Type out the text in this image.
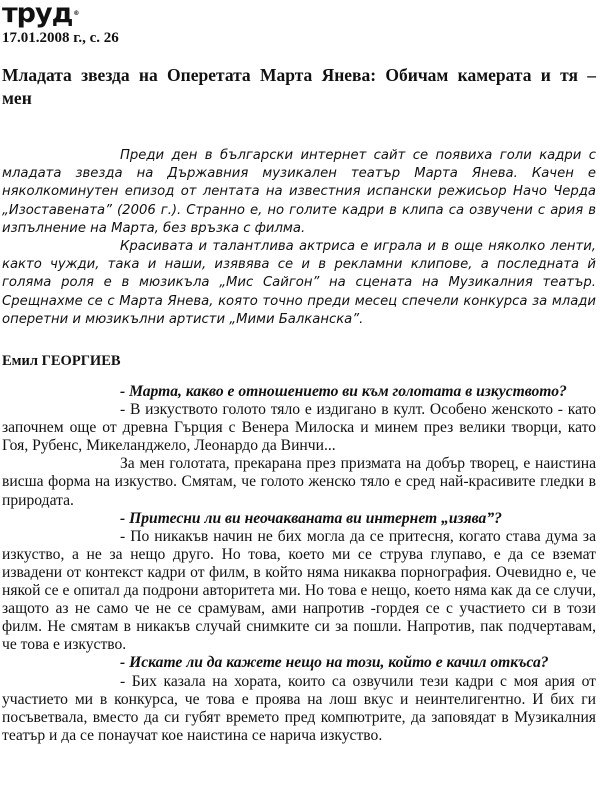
труд®
17.01.2008 г., с. 26
Младата звезда на Оперетата Марта Янева: Обичам камерата и тя – мен

Преди ден в български интернет сайт се появиха голи кадри с младата звезда на Държавния музикален театър Марта Янева. Качен е няколкоминутен епизод от лентата на известния испански режисьор Начо Черда „Изоставената” (2006 г.). Странно е, но голите кадри в клипа са озвучени с ария в изпълнение на Марта, без връзка с филма.

Красивата и талантлива актриса е играла и в още няколко ленти, както чужди, така и наши, изявява се и в рекламни клипове, а последната й голяма роля е в мюзикъла „Мис Сайгон” на сцената на Музикалния театър. Срещнахме се с Марта Янева, която точно преди месец спечели конкурса за млади оперетни и мюзикълни артисти „Мими Балканска”.

Емил ГЕОРГИЕВ

- Марта, какво е отношението ви към голотата в изкуството?

- В изкуството голото тяло е издигано в култ. Особено женското - като започнем още от древна Гърция с Венера Милоска и минем през велики творци, като Гоя, Рубенс, Микеланджело, Леонардо да Винчи...

За мен голотата, прекарана през призмата на добър творец, е наистина висша форма на изкуство. Смятам, че голото женско тяло е сред най-красивите гледки в природата.

- Притесни ли ви неочакваната ви интернет „изява”?

- По никакъв начин не бих могла да се притесня, когато става дума за изкуство, а не за нещо друго. Но това, което ми се струва глупаво, е да се вземат извадени от контекст кадри от филм, в който няма никаква порнография. Очевидно е, че някой се е опитал да подрони авторитета ми. Но това е нещо, което няма как да се случи, защото аз не само че не се срамувам, ами напротив -гордея се с участието си в този филм. Не смятам в никакъв случай снимките си за пошли. Напротив, пак подчертавам, че това е изкуство.

- Искате ли да кажете нещо на този, който е качил откъса?

- Бих казала на хората, които са озвучили тези кадри с моя ария от участието ми в конкурса, че това е проява на лош вкус и неинтелигентно. И бих ги посъветвала, вместо да си губят времето пред компютрите, да заповядат в Музикалния театър и да се понаучат кое наистина се нарича изкуство.
